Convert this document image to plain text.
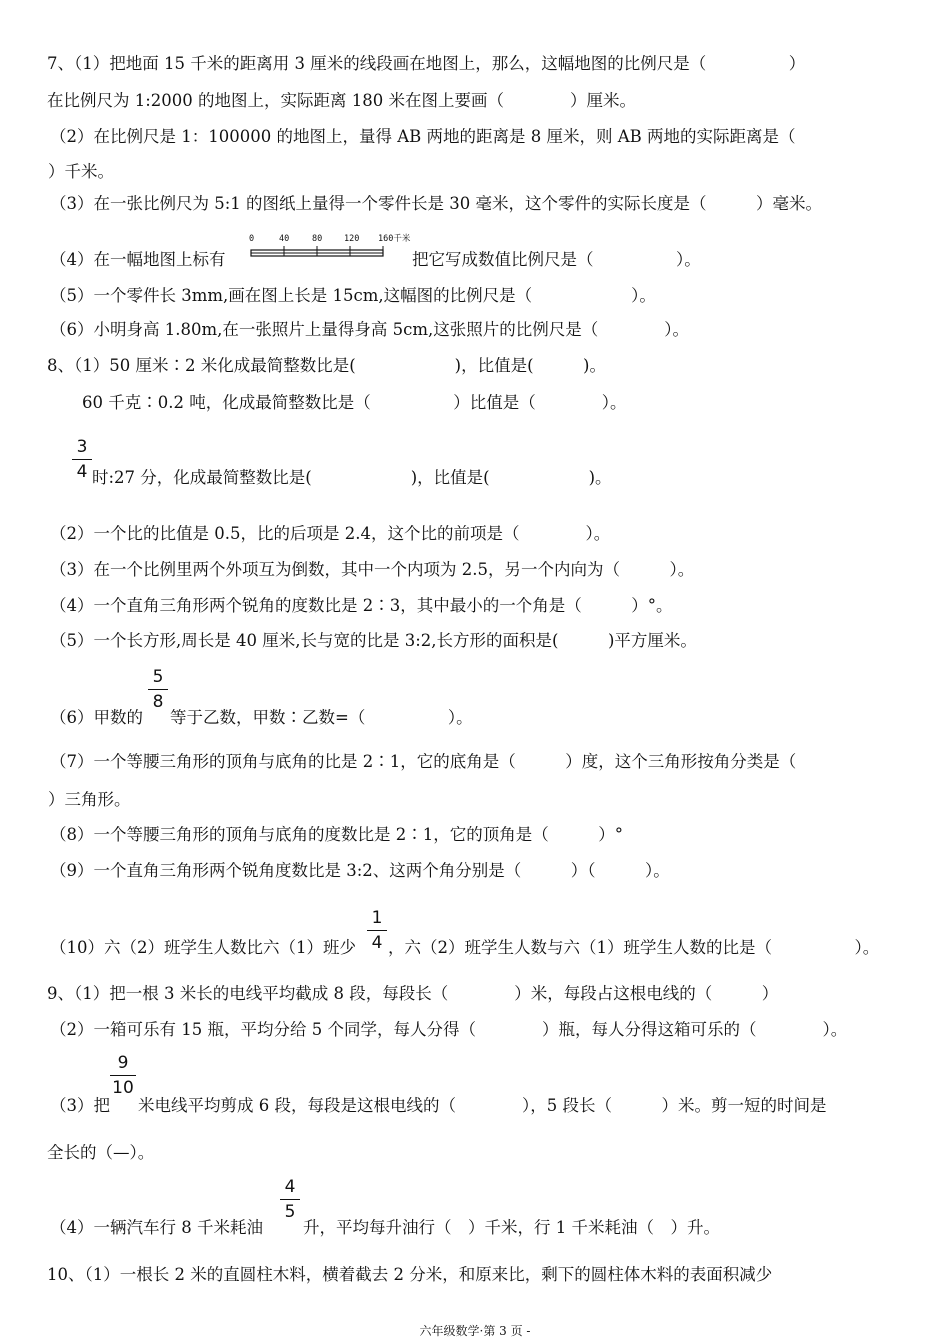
7、（1）把地面 15 千米的距离用 3 厘米的线段画在地图上，那么，这幅地图的比例尺是（　　　　　）
在比例尺为 1:2000 的地图上，实际距离 180 米在图上要画（　　　　）厘米。
（2）在比例尺是 1：100000 的地图上，量得 AB 两地的距离是 8 厘米，则 AB 两地的实际距离是（
）千米。
（3）在一张比例尺为 5:1 的图纸上量得一个零件长是 30 毫米，这个零件的实际长度是（　　　）毫米。
（4）在一幅地图上标有
0	40	80	120 160千米
把它写成数值比例尺是（　　　　　）。
（5）一个零件长 3mm,画在图上长是 15cm,这幅图的比例尺是（　　　　　　）。
（6）小明身高 1.80m,在一张照片上量得身高 5cm,这张照片的比例尺是（　　　　）。
8、（1）50 厘米∶2 米化成最简整数比是(　　　　　　)，比值是(　　　)。
60 千克∶0.2 吨，化成最简整数比是（　　　　　）比值是（　　　　）。
3
4 时:27 分，化成最简整数比是(　　　　　　)，比值是(　　　　　　)。
（2）一个比的比值是 0.5，比的后项是 2.4，这个比的前项是（　　　　）。
（3）在一个比例里两个外项互为倒数，其中一个内项为 2.5，另一个内向为（　　　）。
（4）一个直角三角形两个锐角的度数比是 2∶3，其中最小的一个角是（　　　）°。
（5）一个长方形,周长是 40 厘米,长与宽的比是 3:2,长方形的面积是(　　　)平方厘米。
（6）甲数的
5
8
等于乙数，甲数∶乙数=（　　　　　）。
（7）一个等腰三角形的顶角与底角的比是 2∶1，它的底角是（　　　）度，这个三角形按角分类是（
）三角形。
（8）一个等腰三角形的顶角与底角的度数比是 2∶1，它的顶角是（　　　）°
（9）一个直角三角形两个锐角度数比是 3:2、这两个角分别是（　　　）（　　　）。
（10）六（2）班学生人数比六（1）班少
1
4 ，六（2）班学生人数与六（1）班学生人数的比是（　　　　　）。
9、（1）把一根 3 米长的电线平均截成 8 段，每段长（　　　　）米，每段占这根电线的（　　　）
（2）一箱可乐有 15 瓶，平均分给 5 个同学，每人分得（　　　　）瓶，每人分得这箱可乐的（　　　　）。
（3）把
9
10
米电线平均剪成 6 段，每段是这根电线的（　　　　），5 段长（　　　）米。剪一短的时间是
全长的（—）。
（4）一辆汽车行 8 千米耗油
4
5
升，平均每升油行（　）千米，行 1 千米耗油（　）升。
10、（1）一根长 2 米的直圆柱木料，横着截去 2 分米，和原来比，剩下的圆柱体木料的表面积减少
六年级数学·第 3 页 -
